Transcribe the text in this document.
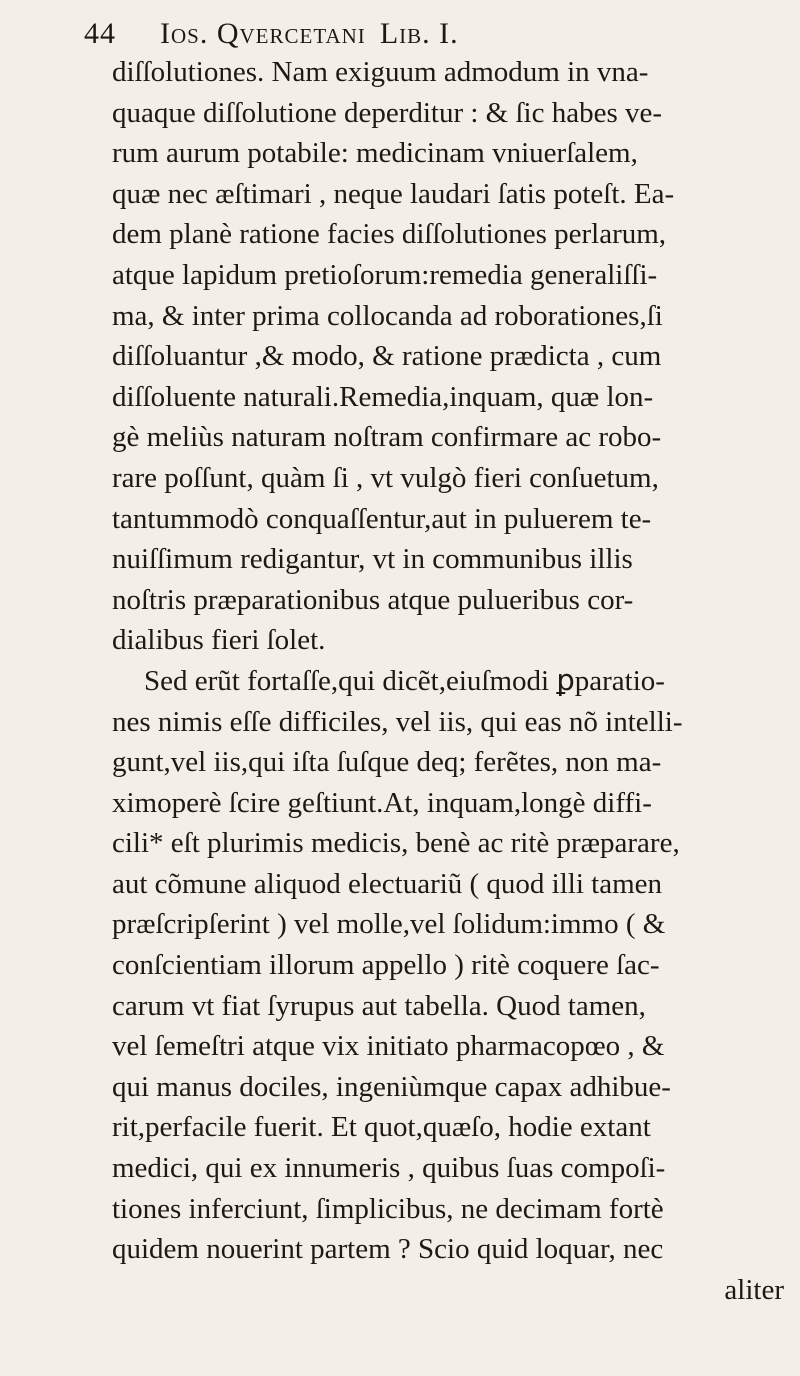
44 Ios. Qvercetani Lib. I.
diſſolutiones. Nam exiguum admodum in vna-
quaque diſſolutione deperditur : & ſic habes ve-
rum aurum potabile: medicinam vniuerſalem,
quæ nec æſtimari , neque laudari ſatis poteſt. Ea-
dem planè ratione facies diſſolutiones perlarum,
atque lapidum pretioſorum:remedia generaliſſi-
ma, & inter prima collocanda ad roborationes,ſi
diſſoluantur ,& modo, & ratione prædicta , cum
diſſoluente naturali.Remedia,inquam, quæ lon-
gè meliùs naturam noſtram confirmare ac robo-
rare poſſunt, quàm ſi , vt vulgò fieri conſuetum,
tantummodò conquaſſentur,aut in puluerem te-
nuiſſimum redigantur, vt in communibus illis
noſtris præparationibus atque pulueribus cor-
dialibus fieri ſolet.
Sed erũt fortaſſe,qui dicẽt,eiuſmodi ꝑparatio-
nes nimis eſſe difficiles, vel iis, qui eas nõ intelli-
gunt,vel iis,qui iſta ſuſque deq; ferẽtes, non ma-
ximoperè ſcire geſtiunt.At, inquam,longè diffi-
cili* eſt plurimis medicis, benè ac ritè præparare,
aut cõmune aliquod electuariũ ( quod illi tamen
præſcripſerint ) vel molle,vel ſolidum:immo ( &
conſcientiam illorum appello ) ritè coquere ſac-
carum vt fiat ſyrupus aut tabella. Quod tamen,
vel ſemeſtri atque vix initiato pharmacopœo , &
qui manus dociles, ingeniùmque capax adhibue-
rit,perfacile fuerit. Et quot,quæſo, hodie extant
medici, qui ex innumeris , quibus ſuas compoſi-
tiones inferciunt, ſimplicibus, ne decimam fortè
quidem nouerint partem ? Scio quid loquar, nec
aliter
